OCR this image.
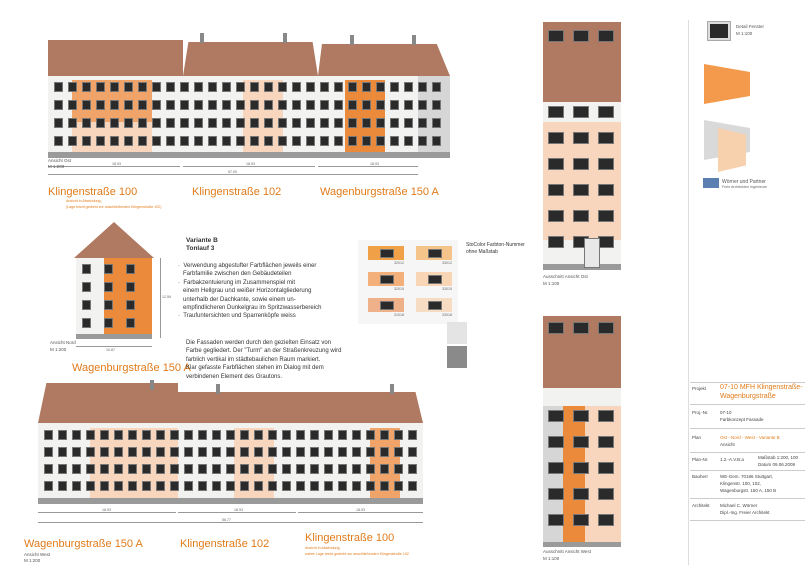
18.93	18.93	18.93
57.00
Ansicht Ost
M 1:200
Klingenstraße 100
Ansicht in Abwicklung,
(Lage leicht gedreht zur anschließenden Klingenstraße 102)
Klingenstraße 102	Wagenburgstraße 150 A
10.87
12.59
Ansicht Nord
M 1:200
Wagenburgstraße 150 A
Variante B
Tonlauf 3
·  Verwendung abgestufter Farbflächen jeweils einer
Farbfamilie zwischen den Gebäudeteilen
·  Farbakzentuierung im Zusammenspiel mit
einem Hellgrau und weißer Horizontalgliederung
unterhalb der Dachkante, sowie einem un-
empfindlicheren Dunkelgrau im Spritzwasserbereich
·  Traufuntersichten und Sparrenköpfe weiss
Die Fassaden werden durch den gezielten Einsatz von
Farbe gegliedert. Der "Turm" an der Straßenkreuzung wird
farblich vertikal im städtebaulichen Raum markiert.
Klar gefasste Farbflächen stehen im Dialog mit dem
verbindenen Element des Grautons.
32012	33012
32015	33015
31018	33018
StoColor Farbton-Nummer
ohne Maßstab
18.93	18.93	18.93
56.77
Wagenburgstraße 150 A
Ansicht West
M 1:200
Klingenstraße 102	Klingenstraße 100
Ansicht in Abwicklung,
wahre Lage leicht gedreht zur anschließenden Klingenstraße 102
Ausschnitt Ansicht Ost
M 1:100
Ausschnitt Ansicht West
M 1:100
Detail Fenster
M 1:100
Wörner und Partner
Freie Architekten Ingenieure
Projekt 07-10 MFH Klingenstraße-
Wagenburgstraße
Proj.-Nr.	07-10
Farbkonzept Fassade
Plan	Ost - Nord - West - Variante B
Ansicht
Plan-Nr.	1.2.-A.V.B.a	Maßstab 1:200, 100
Datum 09.06.2009
Bauherr	WE-Gem. 70186 Stuttgart,
Klingenstr. 100, 102,
Wagenburgstr. 150 A, 150 B
Architekt Michael C. Wörner
Dipl.-Ing. Freier Architekt
